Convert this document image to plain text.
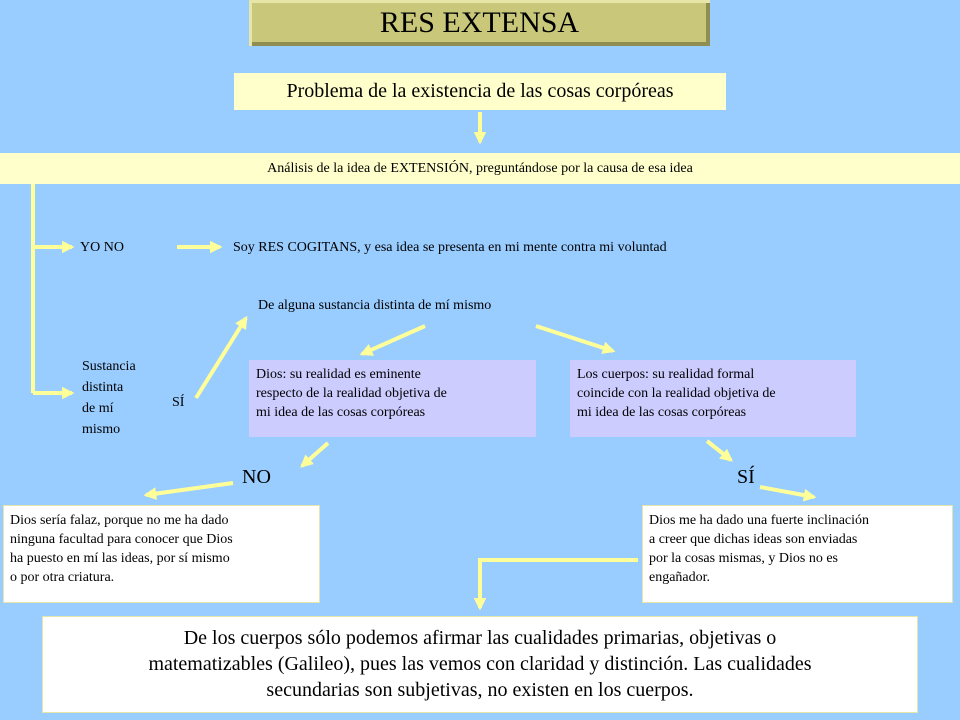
RES EXTENSA
Problema de la existencia de las cosas corpóreas
Análisis de la idea de EXTENSIÓN, preguntándose por la causa de esa idea
YO NO	Soy RES COGITANS, y esa idea se presenta en mi mente contra mi voluntad
De alguna sustancia distinta de mí mismo
Sustancia
distinta
de mí
mismo
SÍ
Dios: su realidad es eminente
respecto de la realidad objetiva de
mi idea de las cosas corpóreas
Los cuerpos: su realidad formal
coincide con la realidad objetiva de
mi idea de las cosas corpóreas
NO	SÍ
Dios sería falaz, porque no me ha dado
ninguna facultad para conocer que Dios
ha puesto en mí las ideas, por sí mismo
o por otra criatura.
Dios me ha dado una fuerte inclinación
a creer que dichas ideas son enviadas
por la cosas mismas, y Dios no es
engañador.
De los cuerpos sólo podemos afirmar las cualidades primarias, objetivas o
matematizables (Galileo), pues las vemos con claridad y distinción. Las cualidades
secundarias son subjetivas, no existen en los cuerpos.
